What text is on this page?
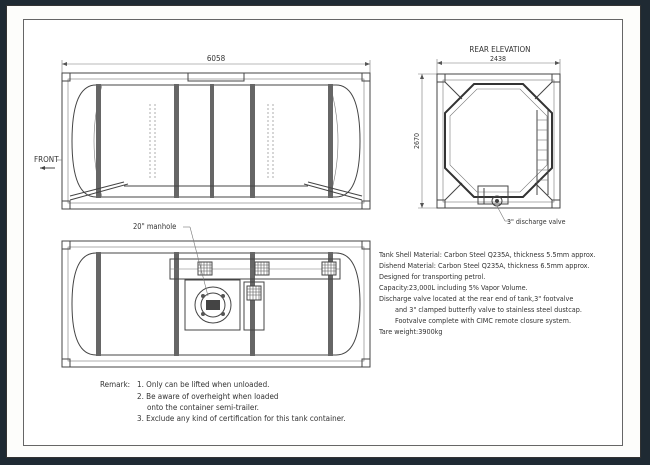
6058
FRONT
REAR ELEVATION
2438
2670
3" discharge valve
20" manhole
Tank Shell Material: Carbon Steel Q235A, thickness 5.5mm approx.
Dishend Material: Carbon Steel Q235A, thickness 6.5mm approx.
Designed for transporting petrol.
Capacity:23,000L including 5% Vapor Volume.
Discharge valve located at the rear end of tank,3" footvalve
and 3" clamped butterfly valve to stainless steel dustcap.
Footvalve complete with CIMC remote closure system.
Tare weight:3900kg
Remark: 1. Only can be lifted when unloaded.
2. Be aware of overheight when loaded
onto the container semi-trailer.
3. Exclude any kind of certification for this tank container.
